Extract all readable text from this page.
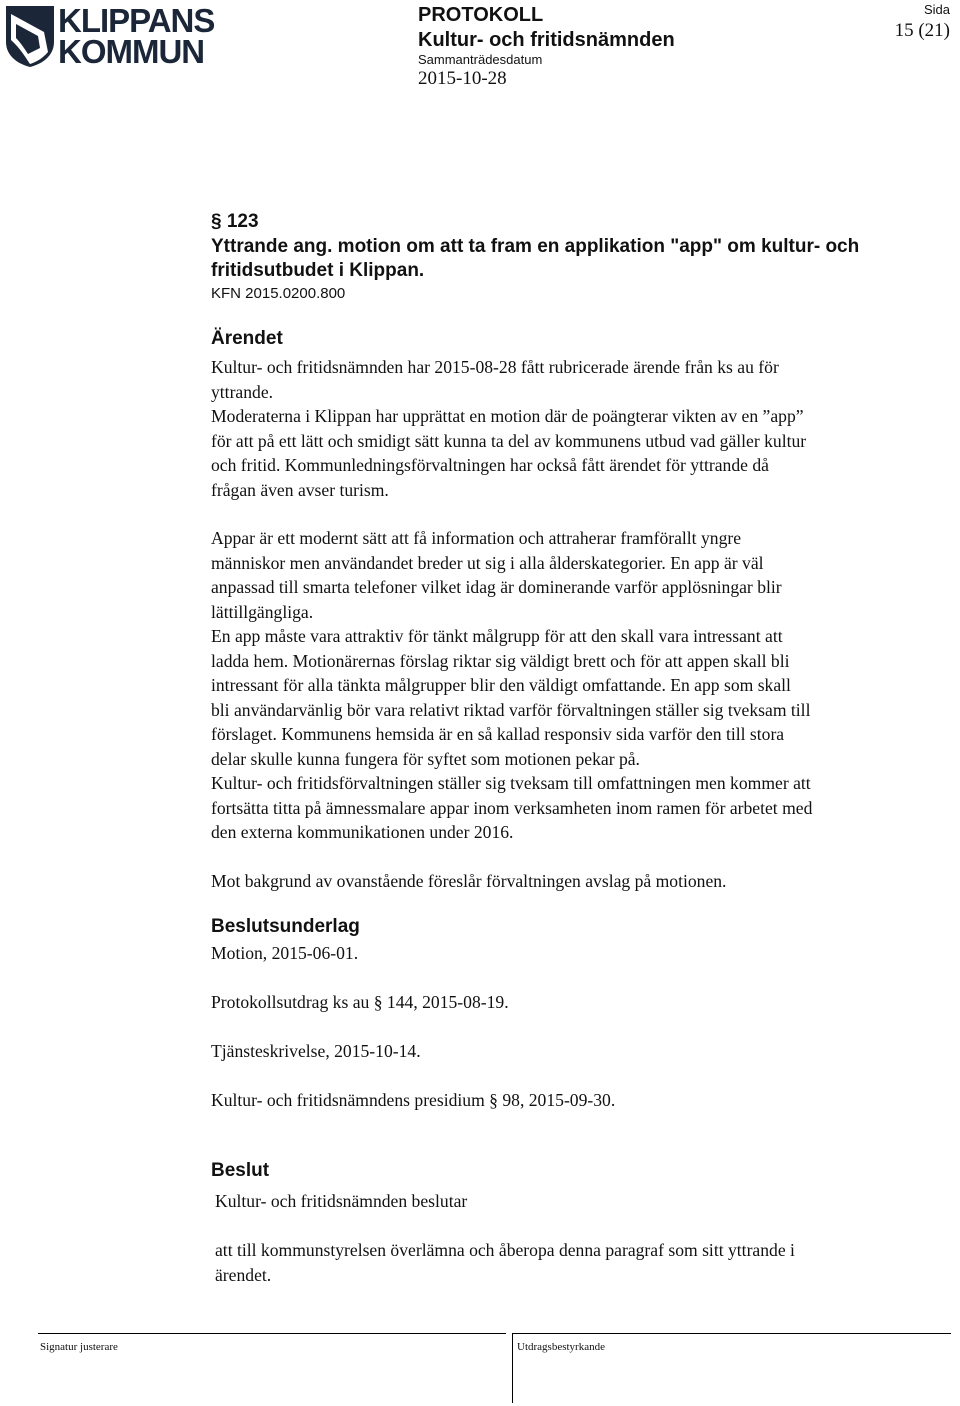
KLIPPANS
KOMMUN
PROTOKOLL
Kultur- och fritidsnämnden
Sammanträdesdatum
2015-10-28
Sida
15 (21)
§ 123
Yttrande ang. motion om att ta fram en applikation "app" om kultur- och fritidsutbudet i Klippan.
KFN 2015.0200.800
Ärendet
Kultur- och fritidsnämnden har 2015-08-28 fått rubricerade ärende från ks au för
yttrande.
Moderaterna i Klippan har upprättat en motion där de poängterar vikten av en ”app”
för att på ett lätt och smidigt sätt kunna ta del av kommunens utbud vad gäller kultur
och fritid. Kommunledningsförvaltningen har också fått ärendet för yttrande då
frågan även avser turism.
Appar är ett modernt sätt att få information och attraherar framförallt yngre
människor men användandet breder ut sig i alla ålderskategorier. En app är väl
anpassad till smarta telefoner vilket idag är dominerande varför applösningar blir
lättillgängliga.
En app måste vara attraktiv för tänkt målgrupp för att den skall vara intressant att
ladda hem. Motionärernas förslag riktar sig väldigt brett och för att appen skall bli
intressant för alla tänkta målgrupper blir den väldigt omfattande. En app som skall
bli användarvänlig bör vara relativt riktad varför förvaltningen ställer sig tveksam till
förslaget. Kommunens hemsida är en så kallad responsiv sida varför den till stora
delar skulle kunna fungera för syftet som motionen pekar på.
Kultur- och fritidsförvaltningen ställer sig tveksam till omfattningen men kommer att
fortsätta titta på ämnessmalare appar inom verksamheten inom ramen för arbetet med
den externa kommunikationen under 2016.
Mot bakgrund av ovanstående föreslår förvaltningen avslag på motionen.
Beslutsunderlag
Motion, 2015-06-01.
Protokollsutdrag ks au § 144, 2015-08-19.
Tjänsteskrivelse, 2015-10-14.
Kultur- och fritidsnämndens presidium § 98, 2015-09-30.
Beslut
Kultur- och fritidsnämnden beslutar
att till kommunstyrelsen överlämna och åberopa denna paragraf som sitt yttrande i
ärendet.
Signatur justerare	Utdragsbestyrkande
